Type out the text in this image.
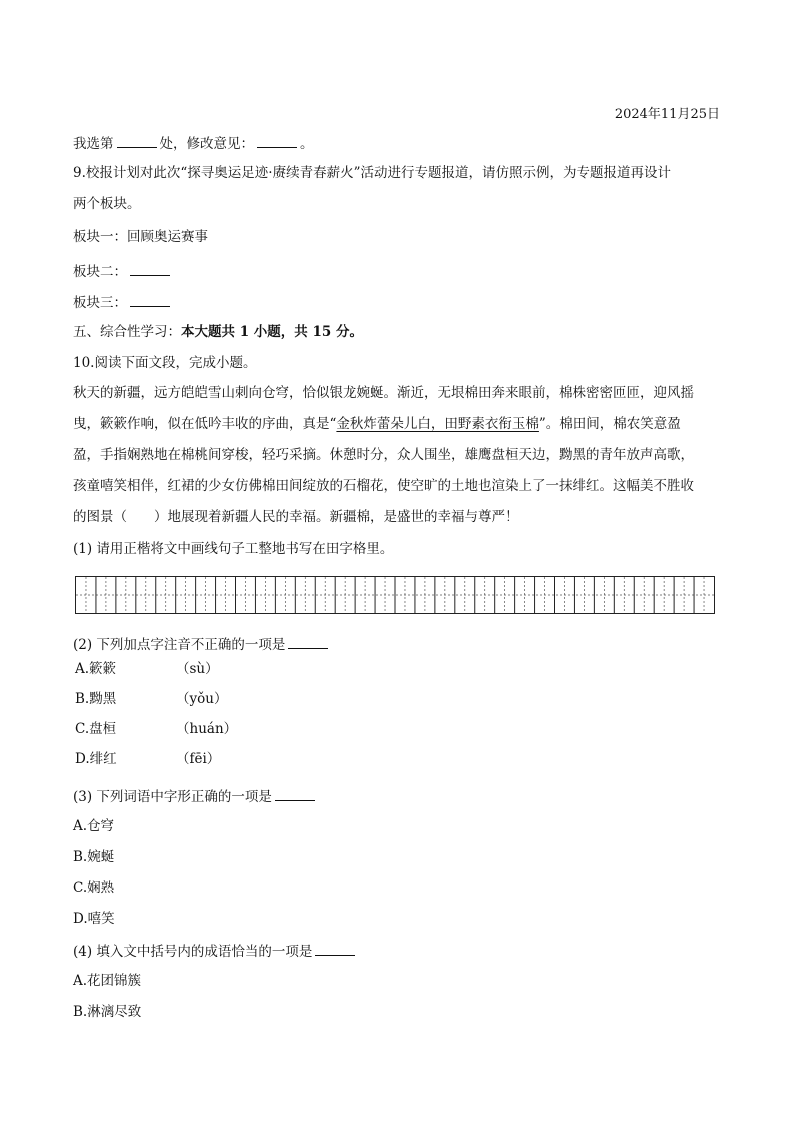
2024年11月25日
我选第	处，修改意见：	。
9.校报计划对此次“探寻奥运足迹·赓续青春薪火”活动进行专题报道，请仿照示例，为专题报道再设计
两个板块。
板块一：回顾奥运赛事
板块二：
板块三：
五、综合性学习：本大题共 1 小题，共 15 分。
10.阅读下面文段，完成小题。
秋天的新疆，远方皑皑雪山刺向仓穹，恰似银龙婉蜒。渐近，无垠棉田奔来眼前，棉株密密匝匝，迎风摇
曳，簌簌作响，似在低吟丰收的序曲，真是“金秋炸蕾朵儿白，田野素衣衔玉棉”。棉田间，棉农笑意盈
盈，手指娴熟地在棉桃间穿梭，轻巧采摘。休憩时分，众人围坐，雄鹰盘桓天边，黝黑的青年放声高歌，
孩童嘻笑相伴，红裙的少女仿佛棉田间绽放的石榴花，使空旷的土地也渲染上了一抹绯红。这幅美不胜收
的图景（　　）地展现着新疆人民的幸福。新疆棉，是盛世的幸福与尊严！
(1) 请用正楷将文中画线句子工整地书写在田字格里。
(2) 下列加点字注音不正确的一项是
A.簌簌	（sù）
B.黝黑	（yǒu）
C.盘桓	（huán）
D.绯红	（fēi）
(3) 下列词语中字形正确的一项是
A.仓穹
B.婉蜒
C.娴熟
D.嘻笑
(4) 填入文中括号内的成语恰当的一项是
A.花团锦簇
B.淋漓尽致
